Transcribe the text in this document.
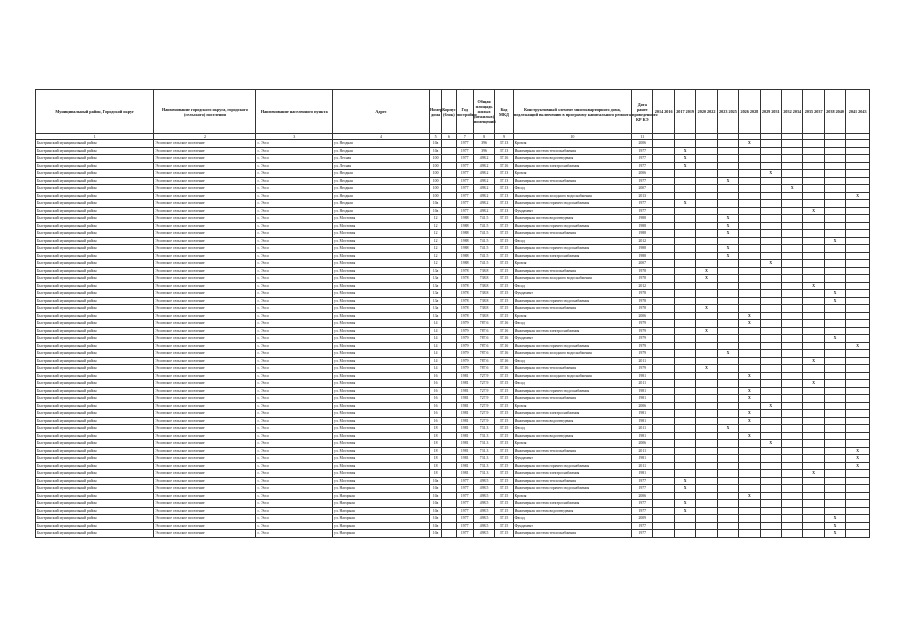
Муниципальный район, Городской округ	Наименование городского округа, городского (сельского) поселения	Наименование населенного пункта	Адрес	Номер дома	Корпус (блок)	Год постройки	Общая площадь жилых (нежилых) помещений	Код МКД	Конструктивный элемент многоквартирного дома, подлежащий включению в программу капитального ремонта	Дата ранее проведенного КР КЭ	2014 2016	2017 2019	2020 2022	2023 2025	2026 2028	2029 2031	2032 2034	2035 2037	2038 2040	2041 2043
1	2	3	4	5	6	7	8	9	10	11										
Быстринский муниципальный район	Эссовское сельское поселение	с. Эссо	ул. Ягодная	10a		1977	396	37.13	Кровля	2006					X					
Быстринский муниципальный район	Эссовское сельское поселение	с. Эссо	ул. Ягодная	10a		1977	396	37.13	Инженерная система теплоснабжения	1977		X								
Быстринский муниципальный район	Эссовское сельское поселение	с. Эссо	ул. Лесная	100		1977	498.2	37.16	Инженерная система водоотведения	1977		X								
Быстринский муниципальный район	Эссовское сельское поселение	с. Эссо	ул. Лесная	100		1977	498.2	37.16	Инженерная система электроснабжения	1977		X								
Быстринский муниципальный район	Эссовское сельское поселение	с. Эссо	ул. Ягодная	100		1977	498.2	37.13	Кровля	2006						X				
Быстринский муниципальный район	Эссовское сельское поселение	с. Эссо	ул. Ягодная	100		1977	498.2	37.13	Инженерная система теплоснабжения	1977				X						
Быстринский муниципальный район	Эссовское сельское поселение	с. Эссо	ул. Ягодная	100		1977	498.2	37.13	Фасад	2007							X			
Быстринский муниципальный район	Эссовское сельское поселение	с. Эссо	ул. Ягодная	100		1977	498.2	37.13	Инженерная система холодного водоснабжения	2013										X
Быстринский муниципальный район	Эссовское сельское поселение	с. Эссо	ул. Ягодная	10a		1977	498.2	37.13	Инженерная система горячего водоснабжения	1977		X								
Быстринский муниципальный район	Эссовское сельское поселение	с. Эссо	ул. Ягодная	10a		1977	498.2	37.13	Фундамент	1977								X		
Быстринский муниципальный район	Эссовское сельское поселение	с. Эссо	ул. Мостовая	12		1988	741.5	37.15	Инженерная система водоотведения	1988				X						
Быстринский муниципальный район	Эссовское сельское поселение	с. Эссо	ул. Мостовая	12		1988	741.5	37.15	Инженерная система горячего водоснабжения	1988				X						
Быстринский муниципальный район	Эссовское сельское поселение	с. Эссо	ул. Мостовая	12		1988	741.5	37.15	Инженерная система теплоснабжения	1988				X						
Быстринский муниципальный район	Эссовское сельское поселение	с. Эссо	ул. Мостовая	12		1988	741.5	37.15	Фасад	2012									X	
Быстринский муниципальный район	Эссовское сельское поселение	с. Эссо	ул. Мостовая	12		1988	741.5	37.15	Инженерная система горячего водоснабжения	1988				X						
Быстринский муниципальный район	Эссовское сельское поселение	с. Эссо	ул. Мостовая	12		1988	741.5	37.15	Инженерная система электроснабжения	1988				X						
Быстринский муниципальный район	Эссовское сельское поселение	с. Эссо	ул. Мостовая	12		1988	741.5	37.15	Кровля	2007						X				
Быстринский муниципальный район	Эссовское сельское поселение	с. Эссо	ул. Мостовая	13a		1978	738.8	37.15	Инженерная система теплоснабжения	1978			X							
Быстринский муниципальный район	Эссовское сельское поселение	с. Эссо	ул. Мостовая	13a		1978	738.8	37.15	Инженерная система холодного водоснабжения	1978			X							
Быстринский муниципальный район	Эссовское сельское поселение	с. Эссо	ул. Мостовая	13a		1978	738.8	37.15	Фасад	2012								X		
Быстринский муниципальный район	Эссовское сельское поселение	с. Эссо	ул. Мостовая	13a		1978	738.8	37.15	Фундамент	1978									X	
Быстринский муниципальный район	Эссовское сельское поселение	с. Эссо	ул. Мостовая	13a		1978	738.8	37.15	Инженерная система горячего водоснабжения	1978									X	
Быстринский муниципальный район	Эссовское сельское поселение	с. Эссо	ул. Мостовая	13a		1978	738.8	37.15	Инженерная система теплоснабжения	1978			X							
Быстринский муниципальный район	Эссовское сельское поселение	с. Эссо	ул. Мостовая	13a		1978	738.8	37.15	Кровля	2006					X					
Быстринский муниципальный район	Эссовское сельское поселение	с. Эссо	ул. Мостовая	14		1979	787.6	37.16	Фасад	1979					X					
Быстринский муниципальный район	Эссовское сельское поселение	с. Эссо	ул. Мостовая	14		1979	787.6	37.16	Инженерная система электроснабжения	1979			X							
Быстринский муниципальный район	Эссовское сельское поселение	с. Эссо	ул. Мостовая	14		1979	787.6	37.16	Фундамент	1979									X	
Быстринский муниципальный район	Эссовское сельское поселение	с. Эссо	ул. Мостовая	14		1979	787.6	37.16	Инженерная система горячего водоснабжения	1979										X
Быстринский муниципальный район	Эссовское сельское поселение	с. Эссо	ул. Мостовая	14		1979	787.6	37.16	Инженерная система холодного водоснабжения	1979				X						
Быстринский муниципальный район	Эссовское сельское поселение	с. Эссо	ул. Мостовая	14		1979	787.6	37.16	Фасад	2011								X		
Быстринский муниципальный район	Эссовское сельское поселение	с. Эссо	ул. Мостовая	14		1979	787.6	37.16	Инженерная система теплоснабжения	1979			X							
Быстринский муниципальный район	Эссовское сельское поселение	с. Эссо	ул. Мостовая	16		1981	727.9	37.15	Инженерная система холодного водоснабжения	1981					X					
Быстринский муниципальный район	Эссовское сельское поселение	с. Эссо	ул. Мостовая	16		1981	727.9	37.15	Фасад	2011								X		
Быстринский муниципальный район	Эссовское сельское поселение	с. Эссо	ул. Мостовая	16		1981	727.9	37.15	Инженерная система горячего водоснабжения	1981					X					
Быстринский муниципальный район	Эссовское сельское поселение	с. Эссо	ул. Мостовая	16		1981	727.9	37.15	Инженерная система теплоснабжения	1981					X					
Быстринский муниципальный район	Эссовское сельское поселение	с. Эссо	ул. Мостовая	16		1981	727.9	37.15	Кровля	2006						X				
Быстринский муниципальный район	Эссовское сельское поселение	с. Эссо	ул. Мостовая	16		1981	727.9	37.15	Инженерная система электроснабжения	1981					X					
Быстринский муниципальный район	Эссовское сельское поселение	с. Эссо	ул. Мостовая	16		1981	727.9	37.15	Инженерная система водоотведения	1981					X					
Быстринский муниципальный район	Эссовское сельское поселение	с. Эссо	ул. Мостовая	18		1981	731.3	37.15	Фасад	2011				X						
Быстринский муниципальный район	Эссовское сельское поселение	с. Эссо	ул. Мостовая	18		1981	731.3	37.15	Инженерная система водоотведения	1981					X					
Быстринский муниципальный район	Эссовское сельское поселение	с. Эссо	ул. Мостовая	18		1981	731.3	37.15	Кровля	2006						X				
Быстринский муниципальный район	Эссовское сельское поселение	с. Эссо	ул. Мостовая	18		1981	731.3	37.15	Инженерная система теплоснабжения	2011										X
Быстринский муниципальный район	Эссовское сельское поселение	с. Эссо	ул. Мостовая	18		1981	731.3	37.15	Фундамент	1981										X
Быстринский муниципальный район	Эссовское сельское поселение	с. Эссо	ул. Мостовая	18		1981	731.3	37.15	Инженерная система горячего водоснабжения	2011										X
Быстринский муниципальный район	Эссовское сельское поселение	с. Эссо	ул. Мостовая	18		1981	731.3	37.15	Инженерная система электроснабжения	1981								X		
Быстринский муниципальный район	Эссовское сельское поселение	с. Эссо	ул. Мостовая	10a		1977	498.5	37.15	Инженерная система теплоснабжения	1977		X								
Быстринский муниципальный район	Эссовское сельское поселение	с. Эссо	ул. Нагорная	10a		1977	498.5	37.15	Инженерная система горячего водоснабжения	1977		X								
Быстринский муниципальный район	Эссовское сельское поселение	с. Эссо	ул. Нагорная	10a		1977	498.5	37.15	Кровля	2006					X					
Быстринский муниципальный район	Эссовское сельское поселение	с. Эссо	ул. Нагорная	10a		1977	498.5	37.15	Инженерная система электроснабжения	1977		X								
Быстринский муниципальный район	Эссовское сельское поселение	с. Эссо	ул. Нагорная	10a		1977	498.5	37.15	Инженерная система водоотведения	1977		X								
Быстринский муниципальный район	Эссовское сельское поселение	с. Эссо	ул. Нагорная	10a		1977	498.5	37.15	Фасад	2009									X	
Быстринский муниципальный район	Эссовское сельское поселение	с. Эссо	ул. Нагорная	10a		1977	498.5	37.15	Фундамент	1977									X	
Быстринский муниципальный район	Эссовское сельское поселение	с. Эссо	ул. Нагорная	10a		1977	498.5	37.15	Инженерная система теплоснабжения	1977									X	
